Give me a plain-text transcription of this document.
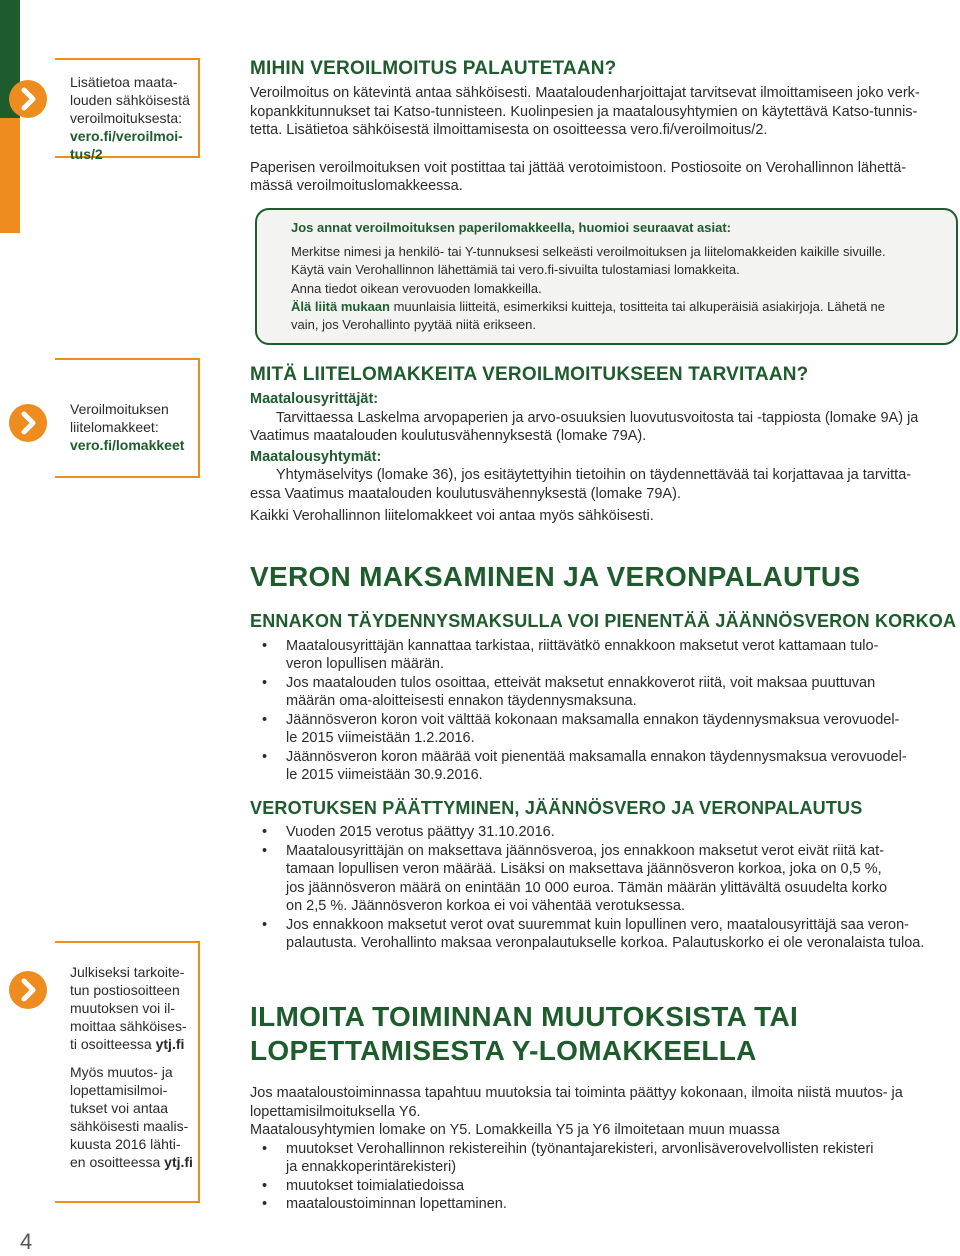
Lisätietoa maata-
louden sähköisestä
veroilmoituksesta:
vero.fi/veroilmoi-
tus/2
Veroilmoituksen
liitelomakkeet:
vero.fi/lomakkeet
Julkiseksi tarkoite-
tun postiosoitteen
muutoksen voi il-
moittaa sähköises-
ti osoitteessa ytj.fi
Myös muutos- ja
lopettamisilmoi-
tukset voi antaa
sähköisesti maalis-
kuusta 2016 lähti-
en osoitteessa ytj.fi
4
MIHIN VEROILMOITUS PALAUTETAAN?

Veroilmoitus on kätevintä antaa sähköisesti. Maataloudenharjoittajat tarvitsevat ilmoittamiseen joko verk-

kopankkitunnukset tai Katso-tunnisteen. Kuolinpesien ja maatalousyhtymien on käytettävä Katso-tunnis-

tetta. Lisätietoa sähköisestä ilmoittamisesta on osoitteessa vero.fi/veroilmoitus/2.

Paperisen veroilmoituksen voit postittaa tai jättää verotoimistoon. Postiosoite on Verohallinnon lähettä-

mässä veroilmoituslomakkeessa.

Jos annat veroilmoituksen paperilomakkeella, huomioi seuraavat asiat:

Merkitse nimesi ja henkilö- tai Y-tunnuksesi selkeästi veroilmoituksen ja liitelomakkeiden kaikille sivuille.

Käytä vain Verohallinnon lähettämiä tai vero.fi-sivuilta tulostamiasi lomakkeita.

Anna tiedot oikean verovuoden lomakkeilla.

Älä liitä mukaan muunlaisia liitteitä, esimerkiksi kuitteja, tositteita tai alkuperäisiä asiakirjoja. Lähetä ne

vain, jos Verohallinto pyytää niitä erikseen.

MITÄ LIITELOMAKKEITA VEROILMOITUKSEEN TARVITAAN?

Maatalousyrittäjät:

Tarvittaessa Laskelma arvopaperien ja arvo-osuuksien luovutusvoitosta tai -tappiosta (lomake 9A) ja

Vaatimus maatalouden koulutusvähennyksestä (lomake 79A).

Maatalousyhtymät:

Yhtymäselvitys (lomake 36), jos esitäytettyihin tietoihin on täydennettävää tai korjattavaa ja tarvitta-

essa Vaatimus maatalouden koulutusvähennyksestä (lomake 79A).

Kaikki Verohallinnon liitelomakkeet voi antaa myös sähköisesti.

VERON MAKSAMINEN JA VERONPALAUTUS
ENNAKON TÄYDENNYSMAKSULLA VOI PIENENTÄÄ JÄÄNNÖSVERON KORKOA
• Maatalousyrittäjän kannattaa tarkistaa, riittävätkö ennakkoon maksetut verot kattamaan tulo-
veron lopullisen määrän.
• Jos maatalouden tulos osoittaa, etteivät maksetut ennakkoverot riitä, voit maksaa puuttuvan
määrän oma-aloitteisesti ennakon täydennysmaksuna.
• Jäännösveron koron voit välttää kokonaan maksamalla ennakon täydennysmaksua verovuodel-
le 2015 viimeistään 1.2.2016.
• Jäännösveron koron määrää voit pienentää maksamalla ennakon täydennysmaksua verovuodel-
le 2015 viimeistään 30.9.2016.
VEROTUKSEN PÄÄTTYMINEN, JÄÄNNÖSVERO JA VERONPALAUTUS
• Vuoden 2015 verotus päättyy 31.10.2016.
• Maatalousyrittäjän on maksettava jäännösveroa, jos ennakkoon maksetut verot eivät riitä kat-
tamaan lopullisen veron määrää. Lisäksi on maksettava jäännösveron korkoa, joka on 0,5 %,
jos jäännösveron määrä on enintään 10 000 euroa. Tämän määrän ylittävältä osuudelta korko
on 2,5 %. Jäännösveron korkoa ei voi vähentää verotuksessa.
• Jos ennakkoon maksetut verot ovat suuremmat kuin lopullinen vero, maatalousyrittäjä saa veron-
palautusta. Verohallinto maksaa veronpalautukselle korkoa. Palautuskorko ei ole veronalaista tuloa.
ILMOITA TOIMINNAN MUUTOKSISTA TAI
LOPETTAMISESTA Y-LOMAKKEELLA

Jos maataloustoiminnassa tapahtuu muutoksia tai toiminta päättyy kokonaan, ilmoita niistä muutos- ja

lopettamisilmoituksella Y6.

Maatalousyhtymien lomake on Y5. Lomakkeilla Y5 ja Y6 ilmoitetaan muun muassa

• muutokset Verohallinnon rekistereihin (työnantajarekisteri, arvonlisäverovelvollisten rekisteri
ja ennakkoperintärekisteri)
• muutokset toimialatiedoissa
• maataloustoiminnan lopettaminen.
